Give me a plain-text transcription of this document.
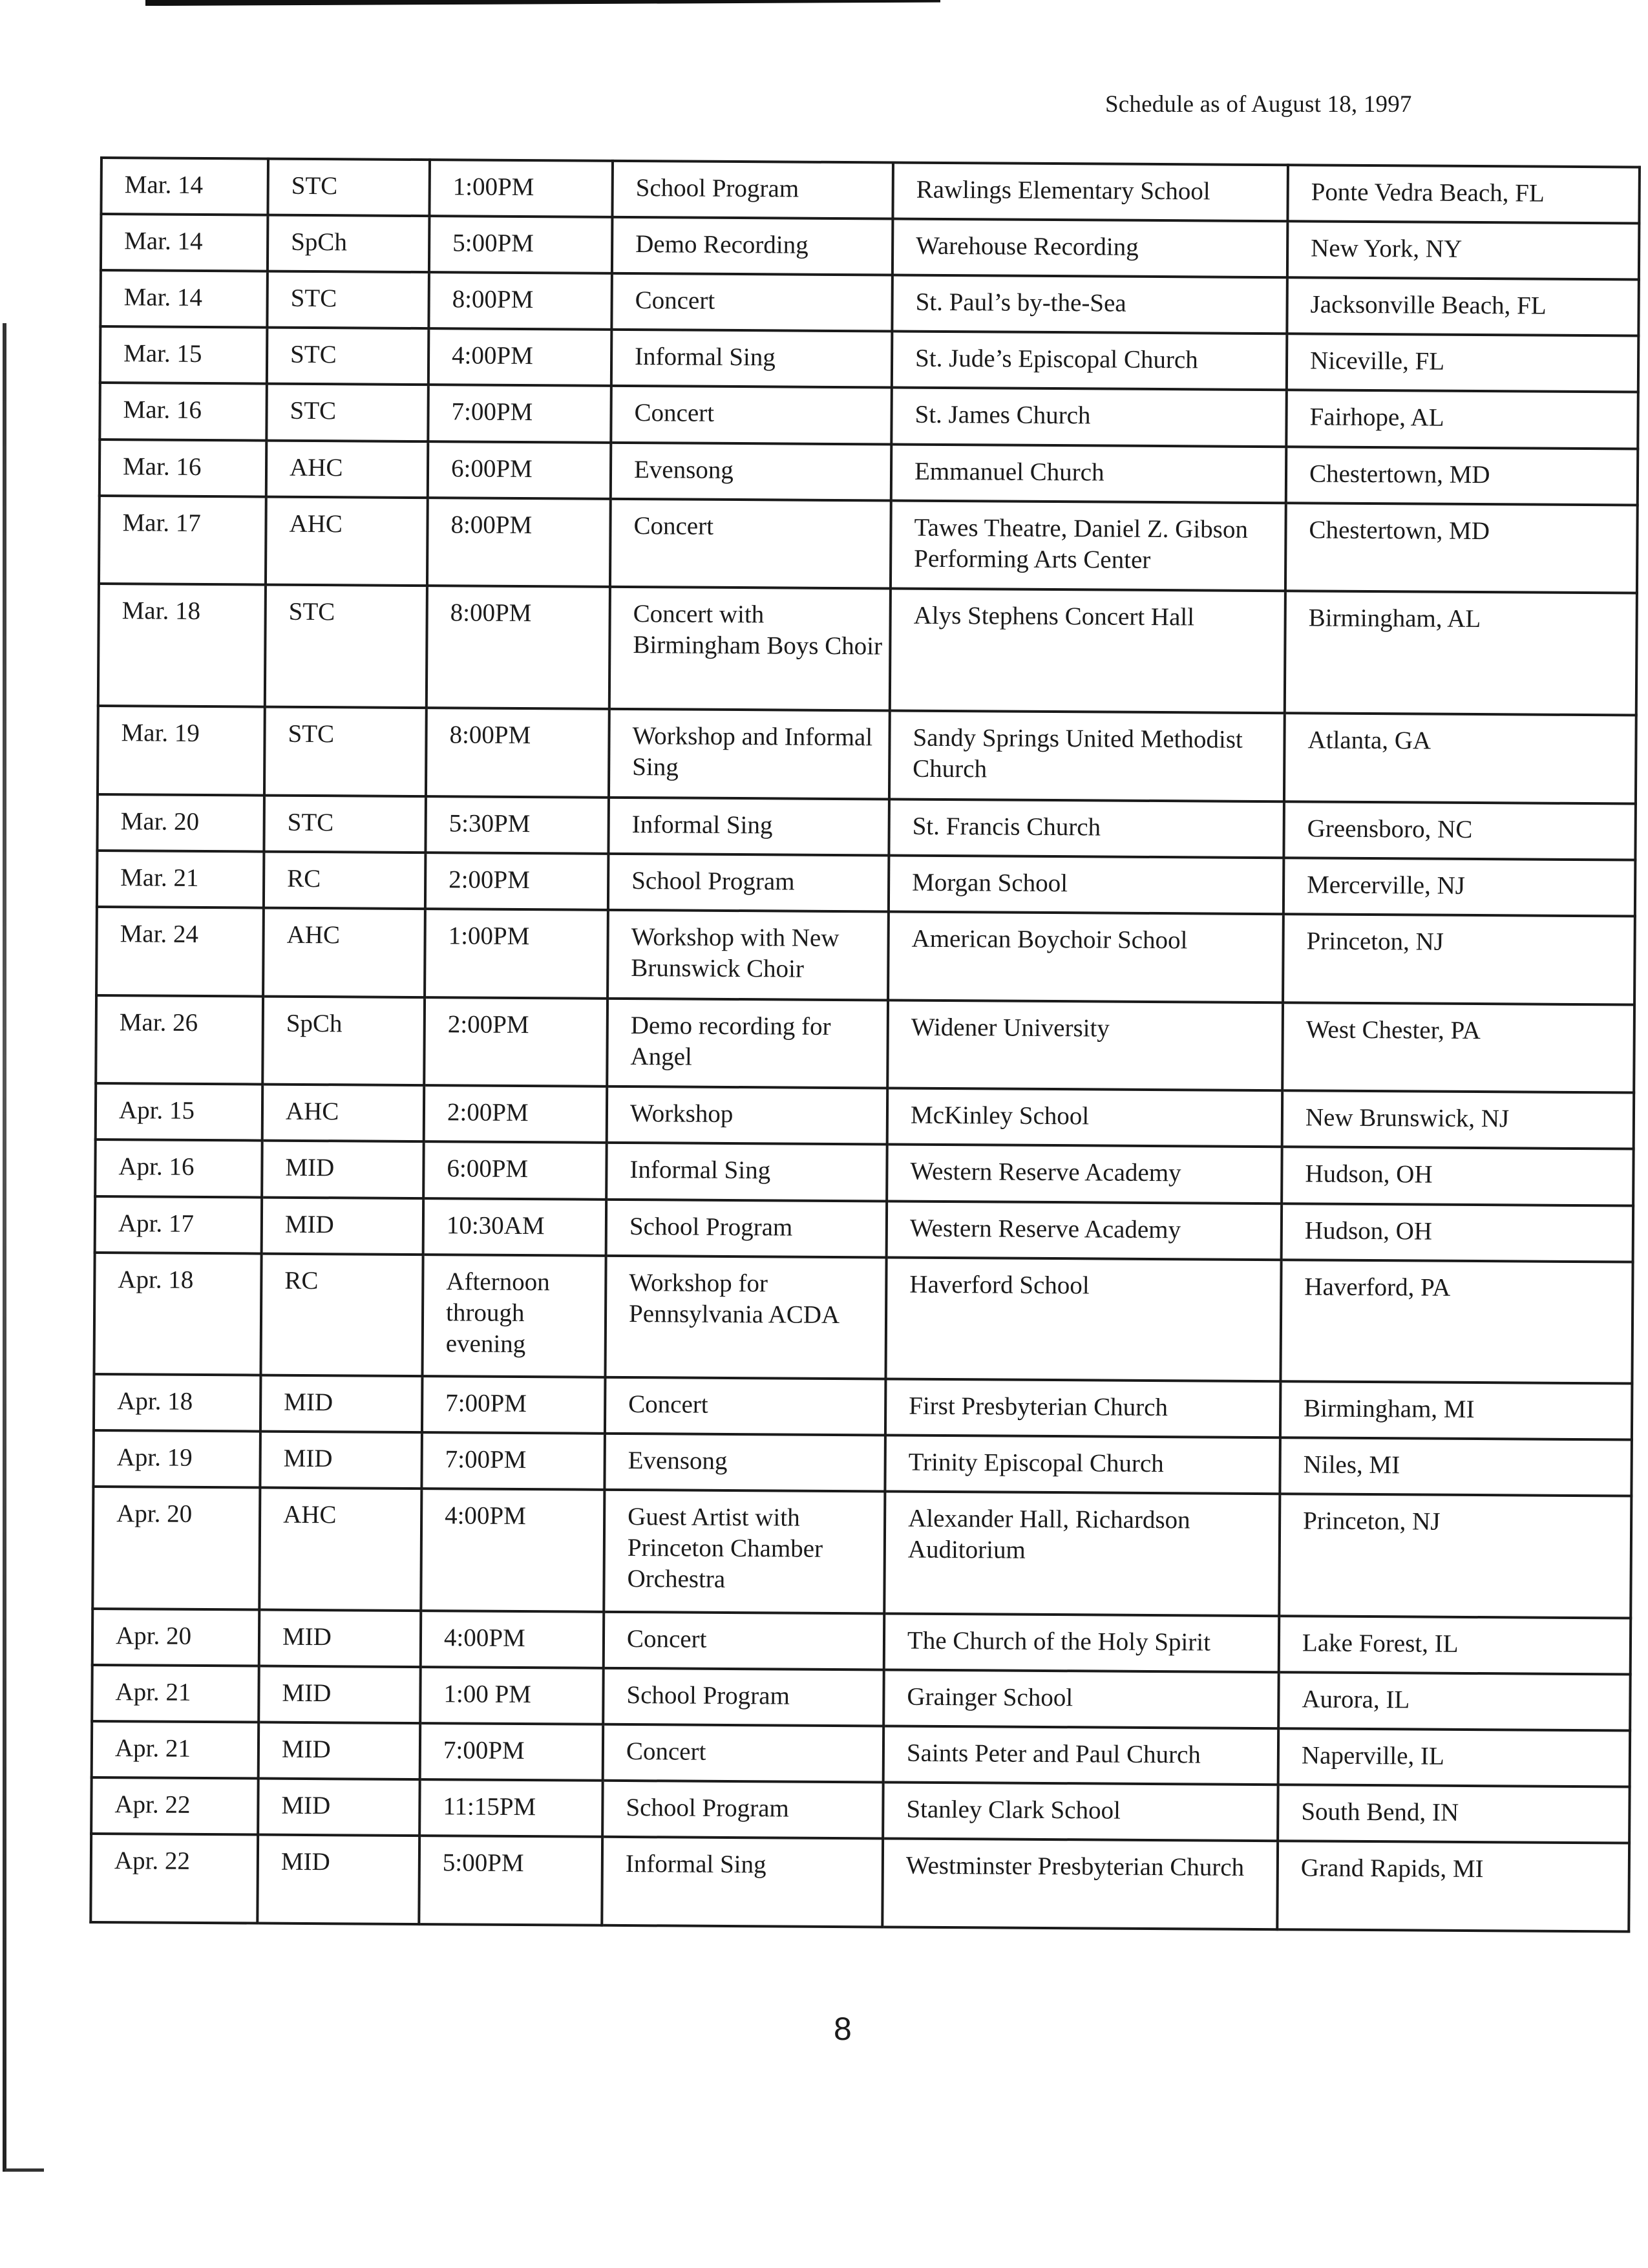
Schedule as of August 18, 1997
Mar. 14	STC	1:00PM	School Program	Rawlings Elementary School	Ponte Vedra Beach, FL
Mar. 14	SpCh	5:00PM	Demo Recording	Warehouse Recording	New York, NY
Mar. 14	STC	8:00PM	Concert	St. Paul’s by-the-Sea	Jacksonville Beach, FL
Mar. 15	STC	4:00PM	Informal Sing	St. Jude’s Episcopal Church	Niceville, FL
Mar. 16	STC	7:00PM	Concert	St. James Church	Fairhope, AL
Mar. 16	AHC	6:00PM	Evensong	Emmanuel Church	Chestertown, MD
Mar. 17	AHC	8:00PM	Concert	Tawes Theatre, Daniel Z. Gibson Performing Arts Center	Chestertown, MD
Mar. 18	STC	8:00PM	Concert with Birmingham Boys Choir	Alys Stephens Concert Hall	Birmingham, AL
Mar. 19	STC	8:00PM	Workshop and Informal Sing	Sandy Springs United Methodist Church	Atlanta, GA
Mar. 20	STC	5:30PM	Informal Sing	St. Francis Church	Greensboro, NC
Mar. 21	RC	2:00PM	School Program	Morgan School	Mercerville, NJ
Mar. 24	AHC	1:00PM	Workshop with New Brunswick Choir	American Boychoir School	Princeton, NJ
Mar. 26	SpCh	2:00PM	Demo recording for Angel	Widener University	West Chester, PA
Apr. 15	AHC	2:00PM	Workshop	McKinley School	New Brunswick, NJ
Apr. 16	MID	6:00PM	Informal Sing	Western Reserve Academy	Hudson, OH
Apr. 17	MID	10:30AM	School Program	Western Reserve Academy	Hudson, OH
Apr. 18	RC	Afternoon through evening	Workshop for Pennsylvania ACDA	Haverford School	Haverford, PA
Apr. 18	MID	7:00PM	Concert	First Presbyterian Church	Birmingham, MI
Apr. 19	MID	7:00PM	Evensong	Trinity Episcopal Church	Niles, MI
Apr. 20	AHC	4:00PM	Guest Artist with Princeton Chamber Orchestra	Alexander Hall, Richardson Auditorium	Princeton, NJ
Apr. 20	MID	4:00PM	Concert	The Church of the Holy Spirit	Lake Forest, IL
Apr. 21	MID	1:00 PM	School Program	Grainger School	Aurora, IL
Apr. 21	MID	7:00PM	Concert	Saints Peter and Paul Church	Naperville, IL
Apr. 22	MID	11:15PM	School Program	Stanley Clark School	South Bend, IN
Apr. 22	MID	5:00PM	Informal Sing	Westminster Presbyterian Church	Grand Rapids, MI
8
